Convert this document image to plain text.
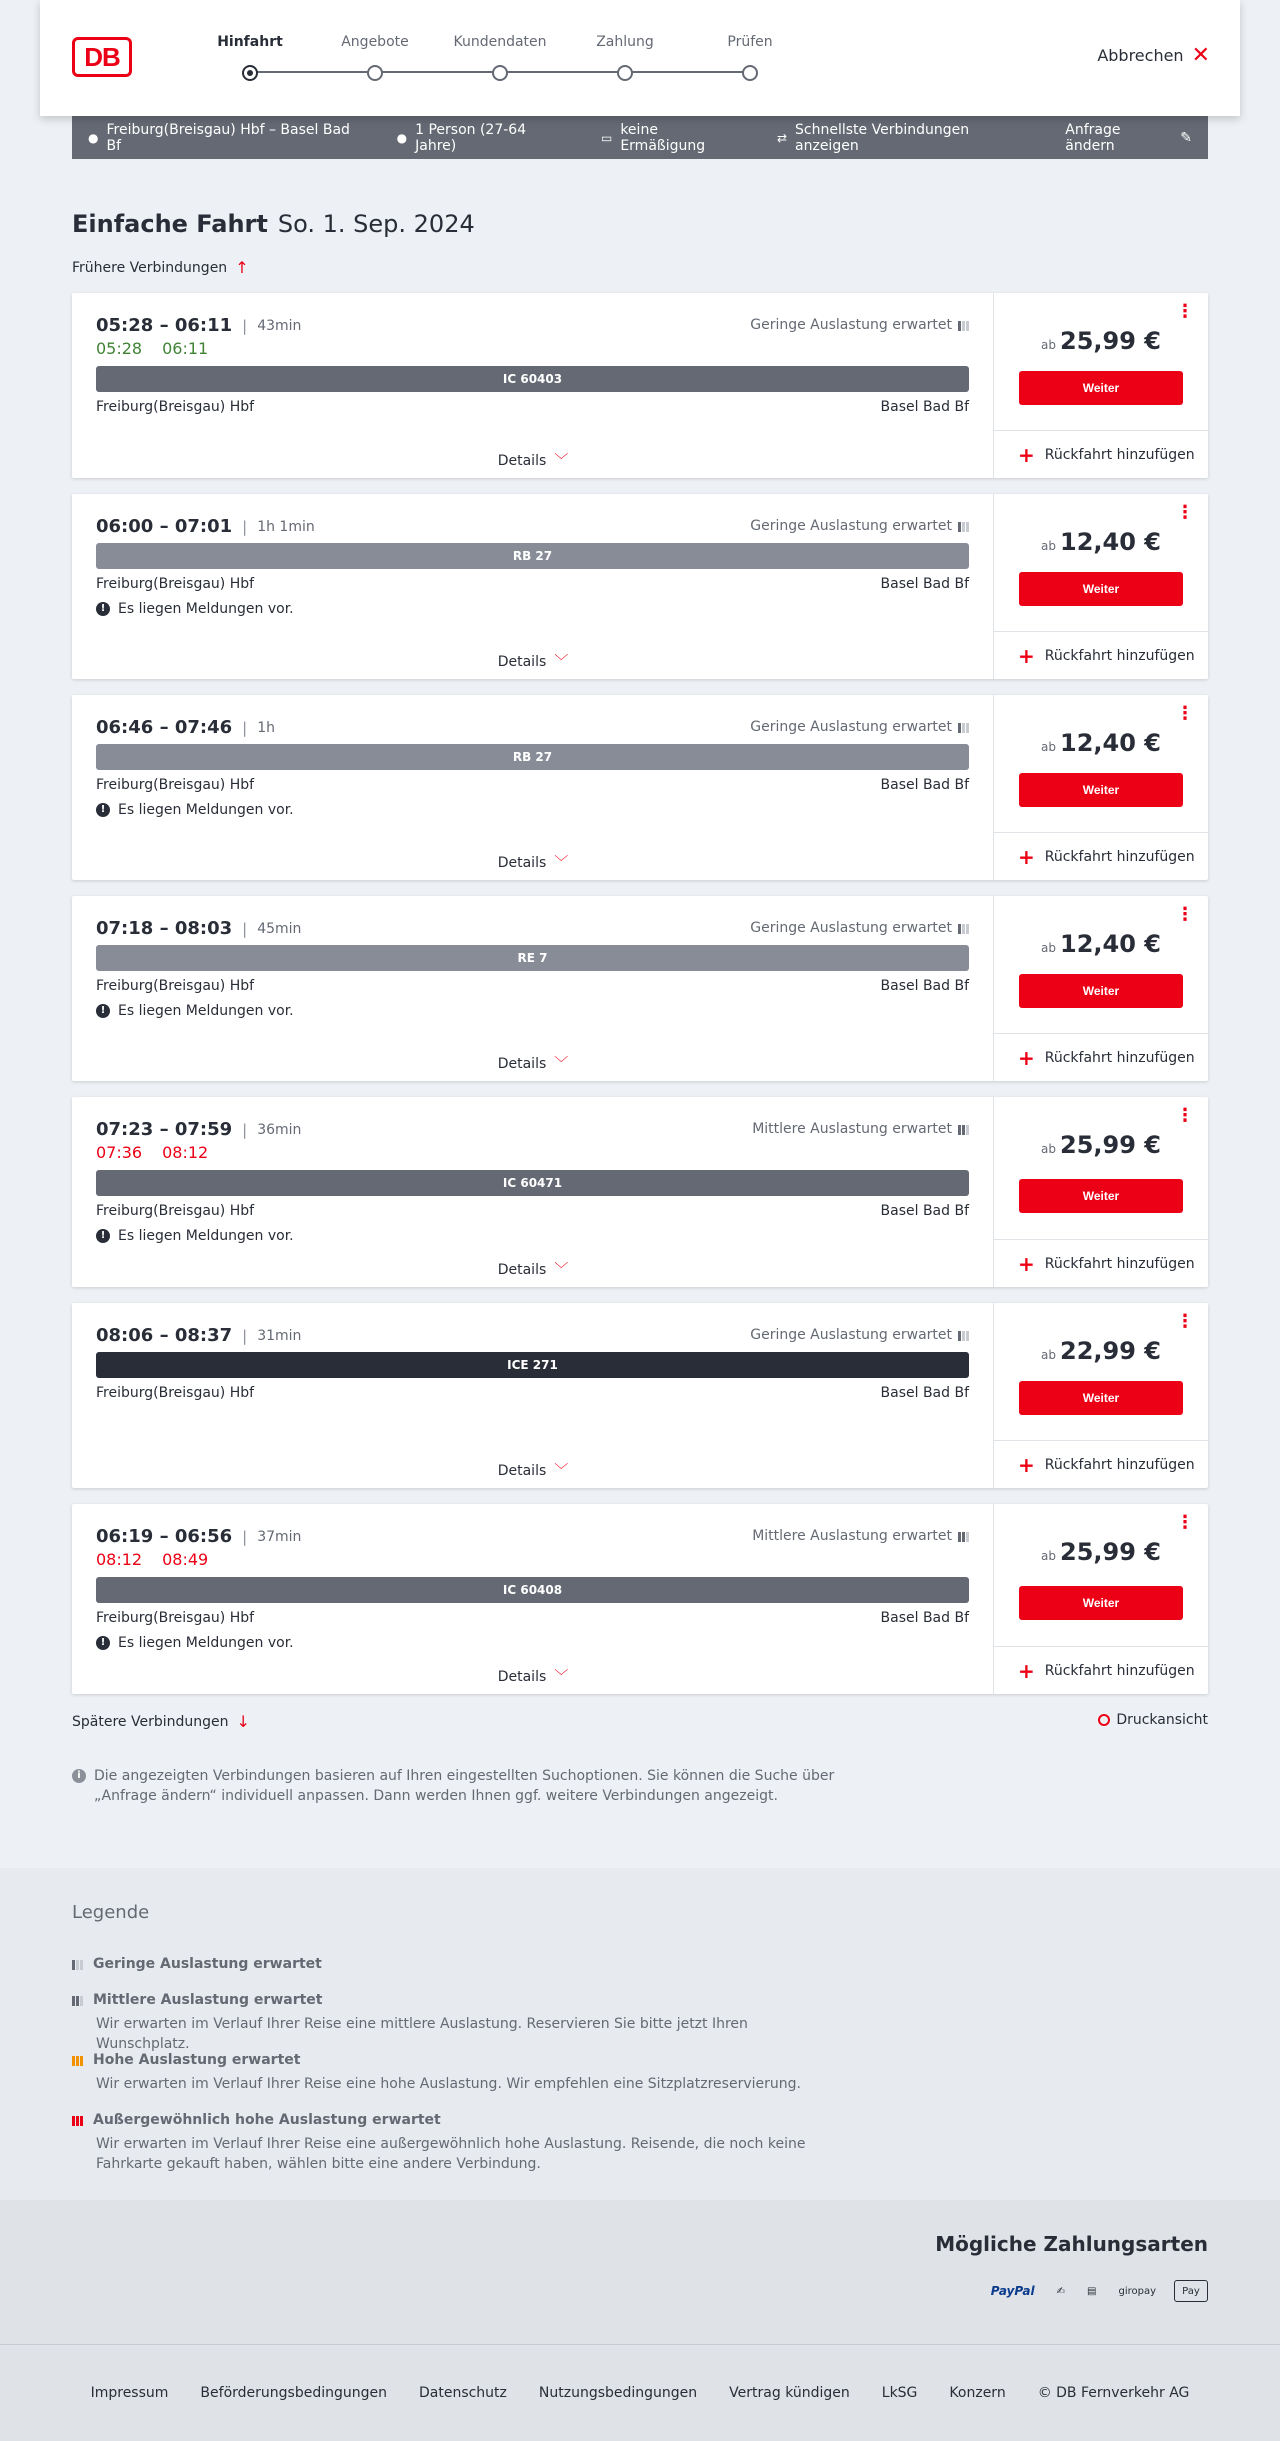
DB	Hinfahrt	Angebote	Kundendaten	Zahlung	Prüfen
Abbrechen ✕
● Freiburg(Breisgau) Hbf – Basel Bad Bf	● 1 Person (27-64 Jahre)	▭ keine Ermäßigung	⇄ Schnellste Verbindungen anzeigen
Anfrage ändern	✎
Einfache Fahrt So. 1. Sep. 2024
Frühere Verbindungen ↑
05:28 – 06:11 | 43min
05:28 06:11
Geringe Auslastung erwartet
IC 60403
Freiburg(Breisgau) Hbf	Basel Bad Bf
Details ﹀
⋮
ab 25,99 €
Weiter
+ Rückfahrt hinzufügen
06:00 – 07:01 | 1h 1min	Geringe Auslastung erwartet
RB 27
Freiburg(Breisgau) Hbf	Basel Bad Bf
! Es liegen Meldungen vor.
Details ﹀
⋮
ab 12,40 €
Weiter
+ Rückfahrt hinzufügen
06:46 – 07:46 | 1h	Geringe Auslastung erwartet
RB 27
Freiburg(Breisgau) Hbf	Basel Bad Bf
! Es liegen Meldungen vor.
Details ﹀
⋮
ab 12,40 €
Weiter
+ Rückfahrt hinzufügen
07:18 – 08:03 | 45min	Geringe Auslastung erwartet
RE 7
Freiburg(Breisgau) Hbf	Basel Bad Bf
! Es liegen Meldungen vor.
Details ﹀
⋮
ab 12,40 €
Weiter
+ Rückfahrt hinzufügen
07:23 – 07:59 | 36min
07:36 08:12
Mittlere Auslastung erwartet
IC 60471
Freiburg(Breisgau) Hbf	Basel Bad Bf
! Es liegen Meldungen vor.
Details ﹀
⋮
ab 25,99 €
Weiter
+ Rückfahrt hinzufügen
08:06 – 08:37 | 31min	Geringe Auslastung erwartet
ICE 271
Freiburg(Breisgau) Hbf	Basel Bad Bf
Details ﹀
⋮
ab 22,99 €
Weiter
+ Rückfahrt hinzufügen
06:19 – 06:56 | 37min
08:12 08:49
Mittlere Auslastung erwartet
IC 60408
Freiburg(Breisgau) Hbf	Basel Bad Bf
! Es liegen Meldungen vor.
Details ﹀
⋮
ab 25,99 €
Weiter
+ Rückfahrt hinzufügen
Spätere Verbindungen ↓	Druckansicht
i Die angezeigten Verbindungen basieren auf Ihren eingestellten Suchoptionen. Sie können die Suche über „Anfrage ändern“ individuell anpassen. Dann werden Ihnen ggf. weitere Verbindungen angezeigt.
Legende
Geringe Auslastung erwartet
Mittlere Auslastung erwartet
Wir erwarten im Verlauf Ihrer Reise eine mittlere Auslastung. Reservieren Sie bitte jetzt Ihren Wunschplatz.
Hohe Auslastung erwartet
Wir erwarten im Verlauf Ihrer Reise eine hohe Auslastung. Wir empfehlen eine Sitzplatzreservierung.
Außergewöhnlich hohe Auslastung erwartet
Wir erwarten im Verlauf Ihrer Reise eine außergewöhnlich hohe Auslastung. Reisende, die noch keine Fahrkarte gekauft haben, wählen bitte eine andere Verbindung.
Mögliche Zahlungsarten
PayPal	✍	▤	giropay	Pay
Impressum Beförderungsbedingungen Datenschutz Nutzungsbedingungen Vertrag kündigen LkSG Konzern © DB Fernverkehr AG
